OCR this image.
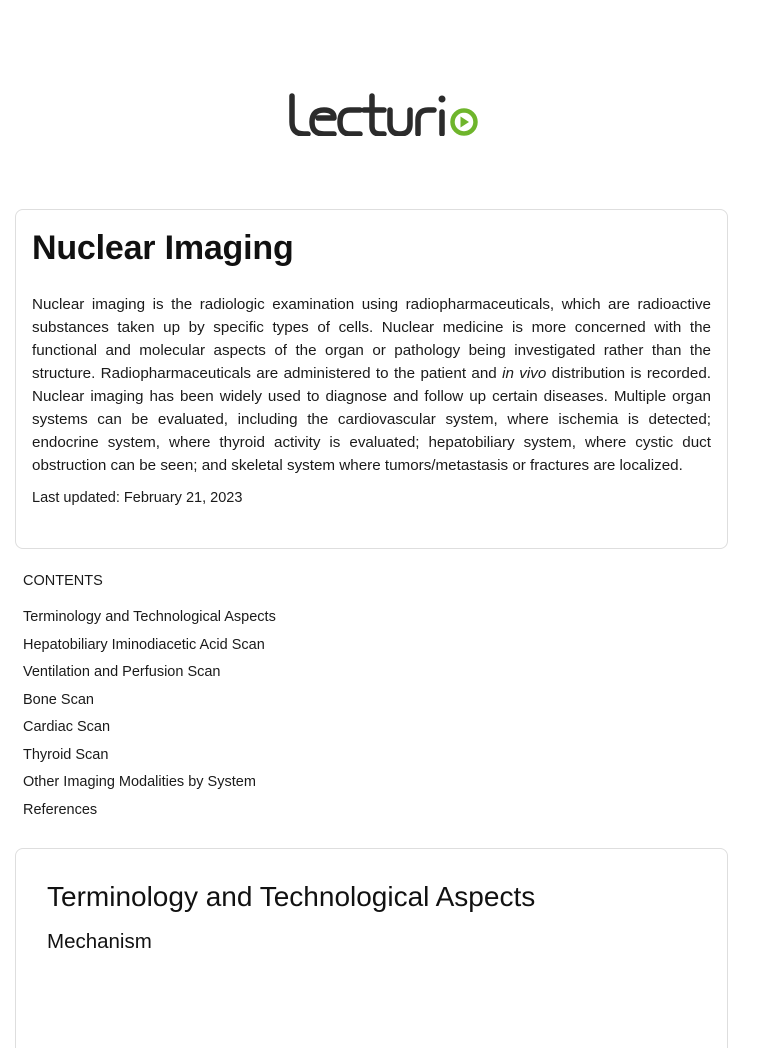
Nuclear Imaging

Nuclear imaging is the radiologic examination using radiopharmaceuticals, which are radioactive substances taken up by specific types of cells. Nuclear medicine is more concerned with the functional and molecular aspects of the organ or pathology being investigated rather than the structure. Radiopharmaceuticals are administered to the patient and in vivo distribution is recorded. Nuclear imaging has been widely used to diagnose and follow up certain diseases. Multiple organ systems can be evaluated, including the cardiovascular system, where ischemia is detected; endocrine system, where thyroid activity is evaluated; hepatobiliary system, where cystic duct obstruction can be seen; and skeletal system where tumors/metastasis or fractures are localized.

Last updated: February 21, 2023

CONTENTS
Terminology and Technological Aspects
Hepatobiliary Iminodiacetic Acid Scan
Ventilation and Perfusion Scan
Bone Scan
Cardiac Scan
Thyroid Scan
Other Imaging Modalities by System
References
Terminology and Technological Aspects
Mechanism
